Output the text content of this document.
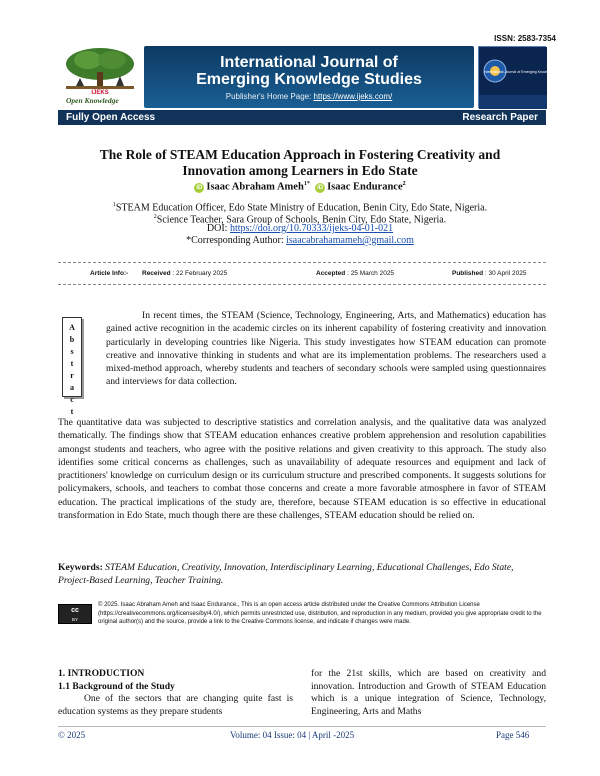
ISSN: 2583-7354
IJEKS
Open Knowledge
International Journal of
Emerging Knowledge Studies
Publisher's Home Page: https://www.ijeks.com/
International Journal of Emerging Knowledge Studies
Fully Open Access	Research Paper
The Role of STEAM Education Approach in Fostering Creativity and
Innovation among Learners in Edo State
iD Isaac Abraham Ameh$^{1*}$  iD Isaac Endurance$^2$
$^1$STEAM Education Officer, Edo State Ministry of Education, Benin City, Edo State, Nigeria.
$^2$Science Teacher, Sara Group of Schools, Benin City, Edo State, Nigeria.
DOI: https://doi.org/10.70333/ijeks-04-01-021
*Corresponding Author: isaacabrahamameh@gmail.com
Article Info:- Received : 22 February 2025	Accepted : 25 March 2025	Published : 30 April 2025
A
b
s
t
r
a
c
t
In recent times, the STEAM (Science, Technology, Engineering, Arts, and Mathematics) education has gained active recognition in the academic circles on its inherent capability of fostering creativity and innovation particularly in developing countries like Nigeria. This study investigates how STEAM education can promote creative and innovative thinking in students and what are its implementation problems. The researchers used a mixed-method approach, whereby students and teachers of secondary schools were sampled using questionnaires and interviews for data collection.
The quantitative data was subjected to descriptive statistics and correlation analysis, and the qualitative data was analyzed thematically. The findings show that STEAM education enhances creative problem apprehension and resolution capabilities amongst students and teachers, who agree with the positive relations and given creativity to this approach. The study also identifies some critical concerns as challenges, such as unavailability of adequate resources and equipment and lack of practitioners' knowledge on curriculum design or its curriculum structure and prescribed components. It suggests solutions for policymakers, schools, and teachers to combat those concerns and create a more favorable atmosphere in favor of STEAM education. The practical implications of the study are, therefore, because STEAM education is so effective in educational transformation in Edo State, much though there are these challenges, STEAM education should be relied on.
Keywords: STEAM Education, Creativity, Innovation, Interdisciplinary Learning, Educational Challenges, Edo State, Project-Based Learning, Teacher Training.
cc
BY
© 2025. Isaac Abraham Ameh and Isaac Endurance., This is an open access article distributed under the Creative Commons Attribution License (https://creativecommons.org/licenses/by/4.0/), which permits unrestricted use, distribution, and reproduction in any medium, provided you give appropriate credit to the original author(s) and the source, provide a link to the Creative Commons license, and indicate if changes were made.
1. INTRODUCTION
1.1 Background of the Study
One of the sectors that are changing quite fast is education systems as they prepare students
for the 21st skills, which are based on creativity and innovation. Introduction and Growth of STEAM Education which is a unique integration of Science, Technology, Engineering, Arts and Maths
© 2025	Volume: 04 Issue: 04 | April -2025	Page 546
